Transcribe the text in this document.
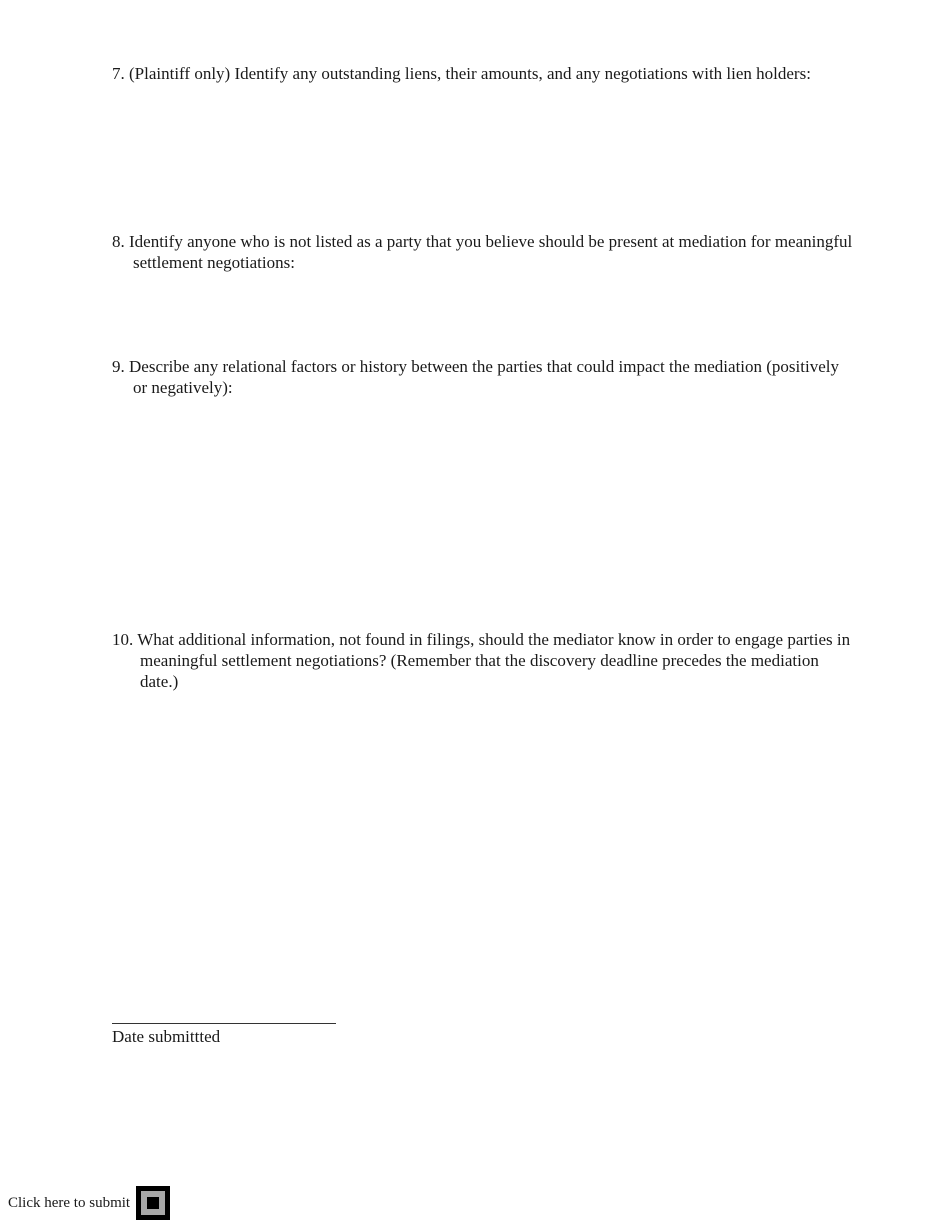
7. (Plaintiff only) Identify any outstanding liens, their amounts, and any negotiations with lien holders:
8. Identify anyone who is not listed as a party that you believe should be present at mediation for meaningful settlement negotiations:
9. Describe any relational factors or history between the parties that could impact the mediation (positively or negatively):
10. What additional information, not found in filings, should the mediator know in order to engage parties in meaningful settlement negotiations? (Remember that the discovery deadline precedes the mediation date.)
Date submittted
Click here to submit
